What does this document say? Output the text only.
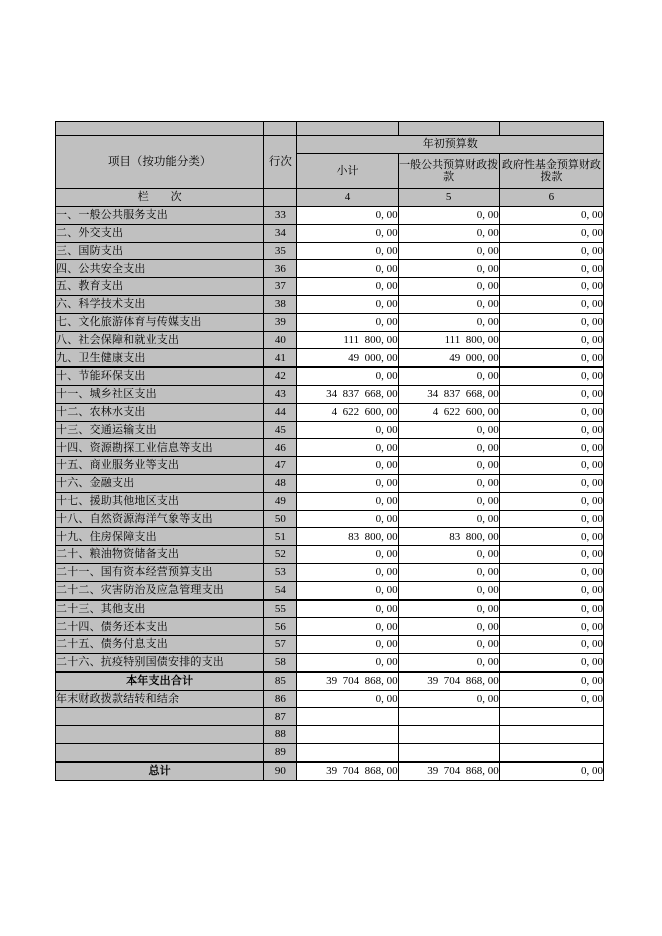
项目（按功能分类）	行次	年初预算数		
		小计	一般公共预算财政拨款	政府性基金预算财政拨款
栏　　次		4	5	6
一、一般公共服务支出	33	0, 00	0, 00	0, 00
二、外交支出	34	0, 00	0, 00	0, 00
三、国防支出	35	0, 00	0, 00	0, 00
四、公共安全支出	36	0, 00	0, 00	0, 00
五、教育支出	37	0, 00	0, 00	0, 00
六、科学技术支出	38	0, 00	0, 00	0, 00
七、文化旅游体育与传媒支出	39	0, 00	0, 00	0, 00
八、社会保障和就业支出	40	111  800, 00	111  800, 00	0, 00
九、卫生健康支出	41	49  000, 00	49  000, 00	0, 00
十、节能环保支出	42	0, 00	0, 00	0, 00
十一、城乡社区支出	43	34  837  668, 00	34  837  668, 00	0, 00
十二、农林水支出	44	4  622  600, 00	4  622  600, 00	0, 00
十三、交通运输支出	45	0, 00	0, 00	0, 00
十四、资源勘探工业信息等支出	46	0, 00	0, 00	0, 00
十五、商业服务业等支出	47	0, 00	0, 00	0, 00
十六、金融支出	48	0, 00	0, 00	0, 00
十七、援助其他地区支出	49	0, 00	0, 00	0, 00
十八、自然资源海洋气象等支出	50	0, 00	0, 00	0, 00
十九、住房保障支出	51	83  800, 00	83  800, 00	0, 00
二十、粮油物资储备支出	52	0, 00	0, 00	0, 00
二十一、国有资本经营预算支出	53	0, 00	0, 00	0, 00
二十二、灾害防治及应急管理支出	54	0, 00	0, 00	0, 00
二十三、其他支出	55	0, 00	0, 00	0, 00
二十四、债务还本支出	56	0, 00	0, 00	0, 00
二十五、债务付息支出	57	0, 00	0, 00	0, 00
二十六、抗疫特别国债安排的支出	58	0, 00	0, 00	0, 00
本年支出合计	85	39  704  868, 00	39  704  868, 00	0, 00
年末财政拨款结转和结余	86	0, 00	0, 00	0, 00
	87			
	88			
	89			
总计	90	39  704  868, 00	39  704  868, 00	0, 00
